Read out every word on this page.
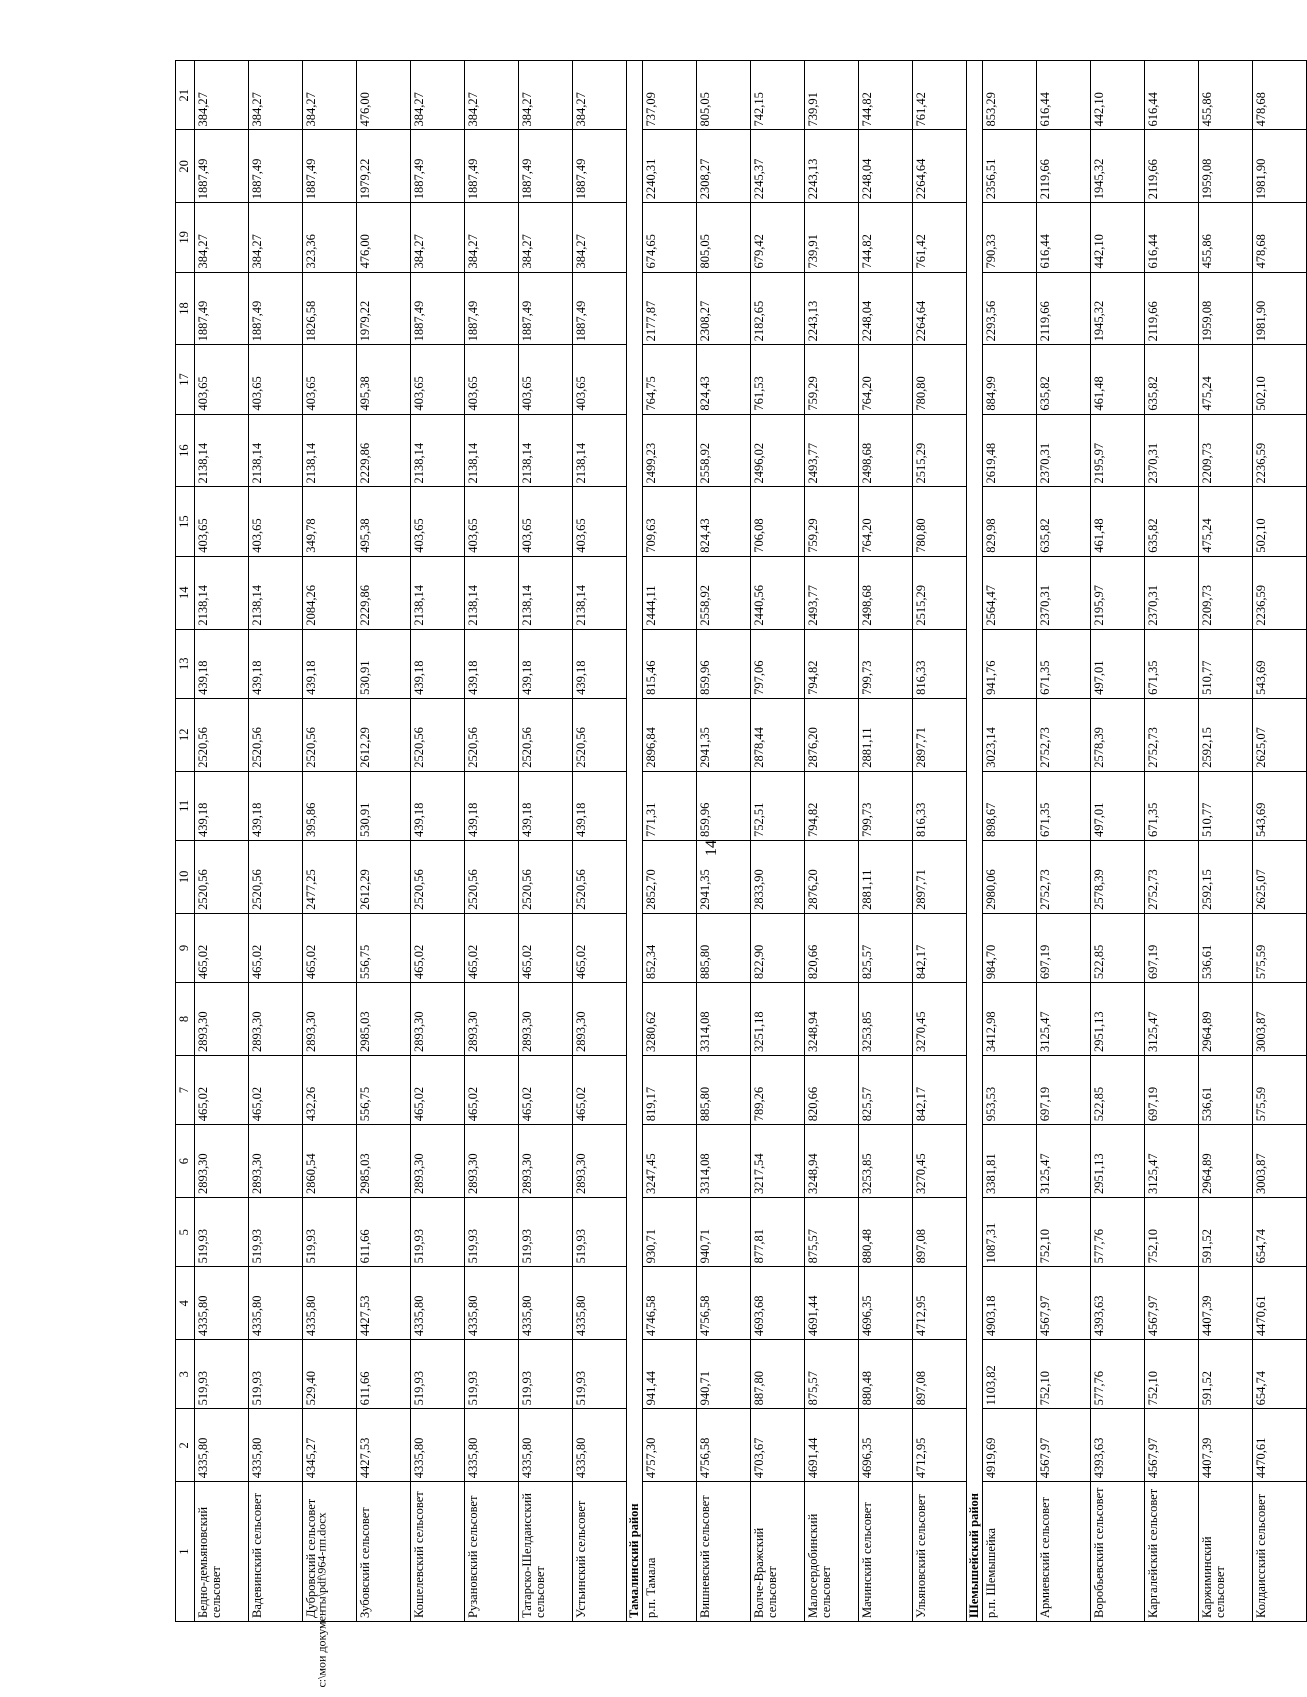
14
1	2	3	4	5	6	7	8	9	10	11	12	13	14	15	16	17	18	19	20	21
Бедно-демьяновский сельсовет	4335,80	519,93	4335,80	519,93	2893,30	465,02	2893,30	465,02	2520,56	439,18	2520,56	439,18	2138,14	403,65	2138,14	403,65	1887,49	384,27	1887,49	384,27
Вадевинский сельсовет	4335,80	519,93	4335,80	519,93	2893,30	465,02	2893,30	465,02	2520,56	439,18	2520,56	439,18	2138,14	403,65	2138,14	403,65	1887,49	384,27	1887,49	384,27
Дубровский сельсовет	4345,27	529,40	4335,80	519,93	2860,54	432,26	2893,30	465,02	2477,25	395,86	2520,56	439,18	2084,26	349,78	2138,14	403,65	1826,58	323,36	1887,49	384,27
Зубовский сельсовет	4427,53	611,66	4427,53	611,66	2985,03	556,75	2985,03	556,75	2612,29	530,91	2612,29	530,91	2229,86	495,38	2229,86	495,38	1979,22	476,00	1979,22	476,00
Кошелевский сельсовет	4335,80	519,93	4335,80	519,93	2893,30	465,02	2893,30	465,02	2520,56	439,18	2520,56	439,18	2138,14	403,65	2138,14	403,65	1887,49	384,27	1887,49	384,27
Рузановский сельсовет	4335,80	519,93	4335,80	519,93	2893,30	465,02	2893,30	465,02	2520,56	439,18	2520,56	439,18	2138,14	403,65	2138,14	403,65	1887,49	384,27	1887,49	384,27
Татарско-Шелдаисский сельсовет	4335,80	519,93	4335,80	519,93	2893,30	465,02	2893,30	465,02	2520,56	439,18	2520,56	439,18	2138,14	403,65	2138,14	403,65	1887,49	384,27	1887,49	384,27
Устьинский сельсовет	4335,80	519,93	4335,80	519,93	2893,30	465,02	2893,30	465,02	2520,56	439,18	2520,56	439,18	2138,14	403,65	2138,14	403,65	1887,49	384,27	1887,49	384,27
Тамалинский район																				
р.п. Тамала	4757,30	941,44	4746,58	930,71	3247,45	819,17	3280,62	852,34	2852,70	771,31	2896,84	815,46	2444,11	709,63	2499,23	764,75	2177,87	674,65	2240,31	737,09
Вишневский сельсовет	4756,58	940,71	4756,58	940,71	3314,08	885,80	3314,08	885,80	2941,35	859,96	2941,35	859,96	2558,92	824,43	2558,92	824,43	2308,27	805,05	2308,27	805,05
Волче-Вражский сельсовет	4703,67	887,80	4693,68	877,81	3217,54	789,26	3251,18	822,90	2833,90	752,51	2878,44	797,06	2440,56	706,08	2496,02	761,53	2182,65	679,42	2245,37	742,15
Малосердобинский сельсовет	4691,44	875,57	4691,44	875,57	3248,94	820,66	3248,94	820,66	2876,20	794,82	2876,20	794,82	2493,77	759,29	2493,77	759,29	2243,13	739,91	2243,13	739,91
Мачинский сельсовет	4696,35	880,48	4696,35	880,48	3253,85	825,57	3253,85	825,57	2881,11	799,73	2881,11	799,73	2498,68	764,20	2498,68	764,20	2248,04	744,82	2248,04	744,82
Ульяновский сельсовет	4712,95	897,08	4712,95	897,08	3270,45	842,17	3270,45	842,17	2897,71	816,33	2897,71	816,33	2515,29	780,80	2515,29	780,80	2264,64	761,42	2264,64	761,42
Шемышейский район																				
р.п. Шемышейка	4919,69	1103,82	4903,18	1087,31	3381,81	953,53	3412,98	984,70	2980,06	898,67	3023,14	941,76	2564,47	829,98	2619,48	884,99	2293,56	790,33	2356,51	853,29
Армиевский сельсовет	4567,97	752,10	4567,97	752,10	3125,47	697,19	3125,47	697,19	2752,73	671,35	2752,73	671,35	2370,31	635,82	2370,31	635,82	2119,66	616,44	2119,66	616,44
Воробьевский сельсовет	4393,63	577,76	4393,63	577,76	2951,13	522,85	2951,13	522,85	2578,39	497,01	2578,39	497,01	2195,97	461,48	2195,97	461,48	1945,32	442,10	1945,32	442,10
Каргалейский сельсовет	4567,97	752,10	4567,97	752,10	3125,47	697,19	3125,47	697,19	2752,73	671,35	2752,73	671,35	2370,31	635,82	2370,31	635,82	2119,66	616,44	2119,66	616,44
Каржиминский сельсовет	4407,39	591,52	4407,39	591,52	2964,89	536,61	2964,89	536,61	2592,15	510,77	2592,15	510,77	2209,73	475,24	2209,73	475,24	1959,08	455,86	1959,08	455,86
Колдаисский сельсовет	4470,61	654,74	4470,61	654,74	3003,87	575,59	3003,87	575,59	2625,07	543,69	2625,07	543,69	2236,59	502,10	2236,59	502,10	1981,90	478,68	1981,90	478,68
c:\мои документы\pdf\964-пп.docx
